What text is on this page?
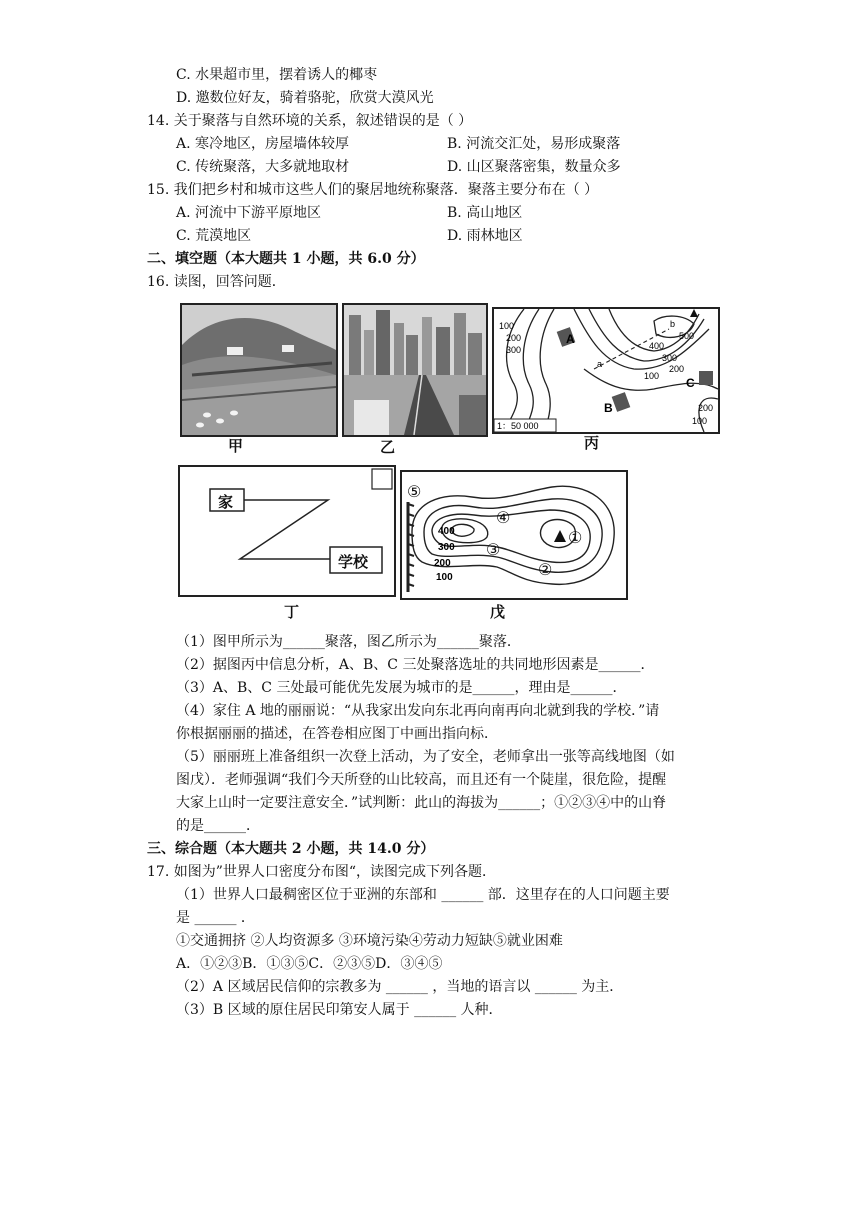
C. 水果超市里，摆着诱人的椰枣
D. 邀数位好友，骑着骆驼，欣赏大漠风光
14. 关于聚落与自然环境的关系，叙述错误的是（ ）
A. 寒冷地区，房屋墙体较厚	B. 河流交汇处，易形成聚落
C. 传统聚落，大多就地取材	D. 山区聚落密集，数量众多
15. 我们把乡村和城市这些人们的聚居地统称聚落．聚落主要分布在（ ）
A. 河流中下游平原地区	B. 高山地区
C. 荒漠地区	D. 雨林地区
二、填空题（本大题共 1 小题，共 6.0 分）
16. 读图，回答问题．
甲	乙
100
200
300	400
500
300
200
100
200
100
A
B
C
a
b
1：50 000
丙
家
学校
丁
400
300
200
100
①
②
③
④
⑤
戊
（1）图甲所示为______聚落，图乙所示为______聚落．
（2）据图丙中信息分析，A、B、C 三处聚落选址的共同地形因素是______．
（3）A、B、C 三处最可能优先发展为城市的是______，理由是______．
（4）家住 A 地的丽丽说：“从我家出发向东北再向南再向北就到我的学校．”请
你根据丽丽的描述，在答卷相应图丁中画出指向标．
（5）丽丽班上准备组织一次登上活动，为了安全，老师拿出一张等高线地图（如
图戊）．老师强调“我们今天所登的山比较高，而且还有一个陡崖，很危险，提醒
大家上山时一定要注意安全．”试判断：此山的海拔为______；①②③④中的山脊
的是______．
三、综合题（本大题共 2 小题，共 14.0 分）
17. 如图为”世界人口密度分布图“，读图完成下列各题．
（1）世界人口最稠密区位于亚洲的东部和 ______ 部．这里存在的人口问题主要
是 ______ ．
①交通拥挤 ②人均资源多 ③环境污染④劳动力短缺⑤就业困难
A．①②③B．①③⑤C．②③⑤D．③④⑤
（2）A 区域居民信仰的宗教多为 ______ ，当地的语言以 ______ 为主．
（3）B 区域的原住居民印第安人属于 ______ 人种．
